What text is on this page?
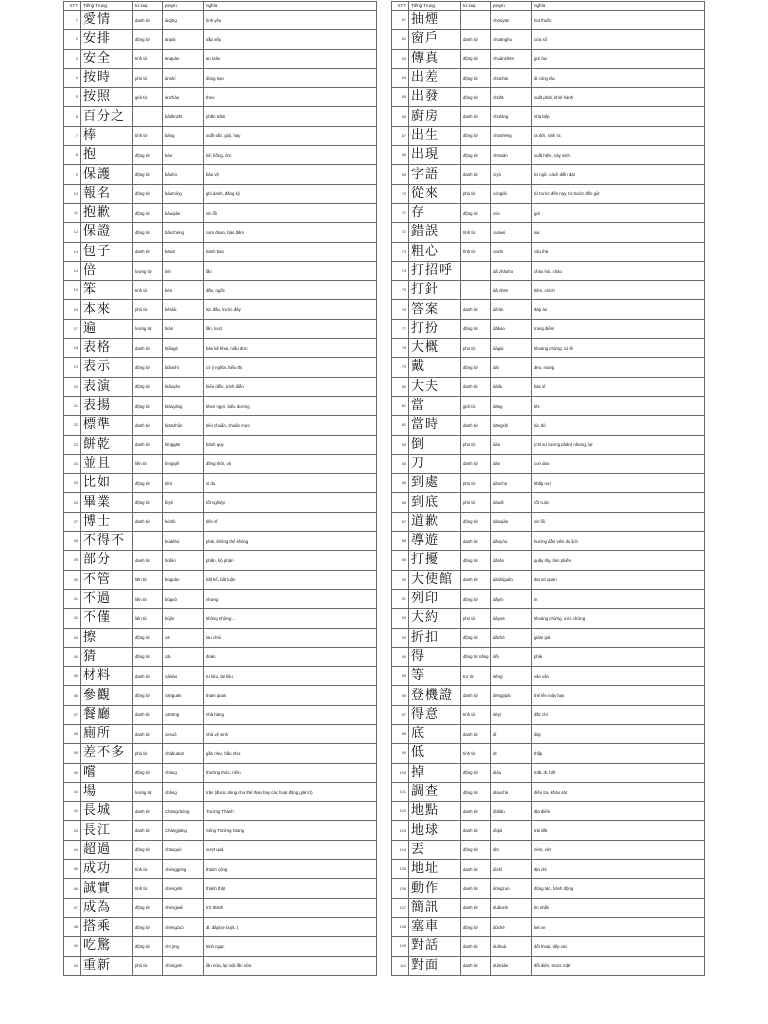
STT	Tiếng Trung	từ loại	pinyin	nghĩa
1	愛情	danh từ	àiqíng	tình yêu
2	安排	động từ	ānpái	sắp xếp
3	安全	tính từ	ānquán	an toàn
4	按時	phó từ	ànshí	đúng hạn
5	按照	giới từ	ànzhào	theo
6	百分之		bǎifēnzhī	phần trăm
7	棒	tính từ	bàng	xuất sắc, giỏi, hay
8	抱	động từ	bào	bế, bồng, ôm
9	保護	động từ	bǎohù	bảo vệ
10	報名	động từ	bàomíng	ghi danh, đăng ký
11	抱歉	động từ	bàoqiàn	xin lỗi
12	保證	động từ	bǎozhèng	cam đoan, bảo đảm
13	包子	danh từ	bāozi	bánh bao
14	倍	lượng từ	bèi	lần
15	笨	tính từ	bèn	đần, ngốc
16	本來	phó từ	běnlái	lúc đầu, trước đây
17	遍	lượng từ	biàn	lần, lượt
18	表格	danh từ	biǎogé	bản kê khai, mẫu đơn
19	表示	động từ	biǎoshì	có ý nghĩa, biểu thị
20	表演	động từ	biǎoyǎn	biểu diễn, trình diễn
21	表揚	động từ	biǎoyáng	khen ngợi, biểu dương
22	標準	danh từ	biāozhǔn	tiêu chuẩn, chuẩn mực
23	餅乾	danh từ	bǐnggān	bánh quy
24	並且	liên từ	bìngqiě	đồng thời, và
25	比如	động từ	bǐrú	ví dụ
26	畢業	động từ	bìyè	tốt nghiệp
27	博士	danh từ	bóshì	tiến sĩ
28	不得不		bùdébù	phải, không thể không
29	部分	danh từ	bùfèn	phần, bộ phận
30	不管	liên từ	bùguǎn	bất kể, bất luận
31	不過	liên từ	búguò	nhưng
32	不僅	liên từ	bùjǐn	không những…
33	擦	động từ	cā	lau chùi
34	猜	động từ	cāi	đoán
35	材料	danh từ	cáiliào	tư liệu, tài liệu
36	參觀	động từ	cānguān	tham quan
37	餐廳	danh từ	cāntīng	nhà hàng
38	廁所	danh từ	cèsuǒ	nhà vệ sinh
39	差不多	phó từ	chàbuduō	gần như, hầu như
40	嚐	động từ	cháng	thưởng thức, nếm
41	場	lượng từ	chǎng	trận (được dùng cho thể thao hay các hoạt động giải trí)
42	長城	danh từ	Chángchéng	Trường Thành
43	長江	danh từ	Chángjiāng	Sông Trường Giang
44	超過	động từ	chāoguò	vượt quá
45	成功	tính từ	chénggōng	thành công
46	誠實	tính từ	chéngshí	thành thật
47	成為	động từ	chéngwéi	trở thành
48	搭乘	động từ	chéngzuò	đi, đáp(xe buýt..)
49	吃驚	động từ	chī jīng	kinh ngạc
50	重新	phó từ	chóngxīn	lần nữa, lại một lần nữa
STT	Tiếng Trung	từ loại	pinyin	nghĩa
61	抽煙		chōuyān	hút thuốc
62	窗戶	danh từ	chuānghu	cửa sổ
63	傳真	động từ	chuánzhēn	gửi fax
64	出差	động từ	chūchāi	đi công tác
65	出發	động từ	chūfā	xuất phát, khởi hành
66	廚房	danh từ	chúfáng	nhà bếp
67	出生	động từ	chūshēng	ra đời, sinh ra
68	出現	động từ	chūxiàn	xuất hiện, nảy sinh
69	字語	danh từ	cíyǔ	từ ngữ, cách diễn đạt
70	從來	phó từ	cónglái	từ trước đến nay, từ trước đến giờ
71	存	động từ	cún	gửi
72	錯誤	tính từ	cuòwù	sai
73	粗心	tính từ	cūxīn	cẩu thả
74	打招呼		dǎ zhāohu	chào hỏi, chào
75	打針		dǎ zhēn	tiêm, chích
76	答案	danh từ	dá'àn	đáp án
77	打扮	động từ	dǎban	trang điểm
78	大概	phó từ	dàgài	khoảng chừng, có lẽ
79	戴	động từ	dài	đeo, mang
80	大夫	danh từ	dàifu	bác sĩ
81	當	giới từ	dāng	khi
82	當時	danh từ	dāngshí	lúc đó
83	倒	phó từ	dào	(chỉ sự tương phản) nhưng, lại
84	刀	danh từ	dāo	con dao
85	到處	phó từ	dàochù	khắp nơi
86	到底	phó từ	dàodǐ	rốt cuộc
87	道歉	động từ	dàoqiàn	xin lỗi
88	導遊	danh từ	dǎoyóu	hướng dẫn viên du lịch
89	打擾	động từ	dǎrǎo	quấy rầy, làm phiền
90	大使館	danh từ	dàshǐguǎn	đại sứ quán
91	列印	động từ	dǎyìn	in
92	大約	phó từ	dàyuē	khoảng chừng, ước chừng
93	折扣	động từ	dǎzhé	giảm giá
94	得	động từ năng	děi	phải
95	等	trợ từ	děng	vân vân
96	登機證	danh từ	dēngjīpái	thẻ lên máy bay
97	得意	tính từ	déyì	đắc chí
98	底	danh từ	dǐ	đáy
99	低	tính từ	dī	thấp
100	掉	động từ	diào	mất, đi, hết
101	調查	động từ	diàochá	điều tra, khảo sát
102	地點	danh từ	dìdiǎn	địa điểm
103	地球	danh từ	dìqiú	trái đất
104	丟	động từ	diū	ném, vứt
105	地址	danh từ	dìzhǐ	địa chỉ
106	動作	danh từ	dòngzuò	động tác, hành động
107	簡訊	danh từ	duǎnxìn	tin nhắn
108	塞車	động từ	dǔchē	kẹt xe
109	對話	danh từ	duìhuà	đối thoại, tiếp xúc
110	對面	danh từ	duìmiàn	đối diện, trước mặt
